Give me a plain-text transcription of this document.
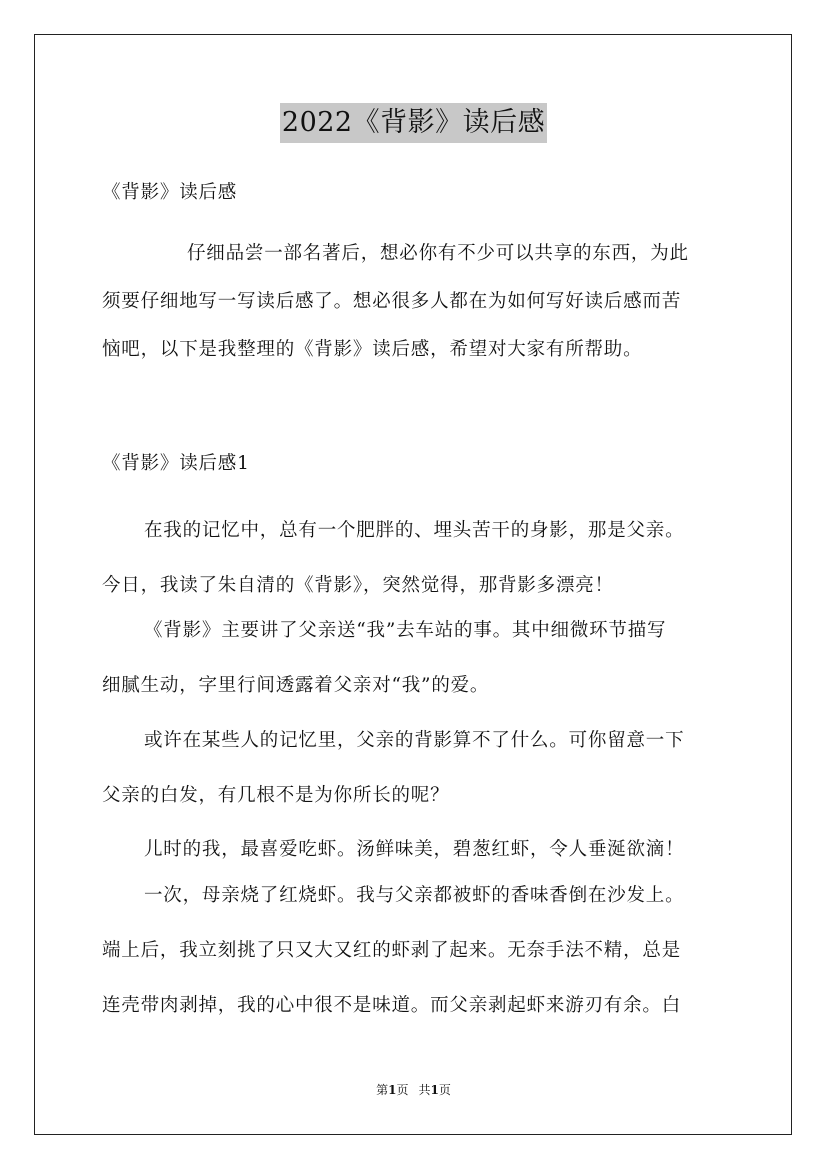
2022《背影》读后感

《背影》读后感

仔细品尝一部名著后，想必你有不少可以共享的东西，为此
须要仔细地写一写读后感了。想必很多人都在为如何写好读后感而苦
恼吧，以下是我整理的《背影》读后感，希望对大家有所帮助。

《背影》读后感1

在我的记忆中，总有一个肥胖的、埋头苦干的身影，那是父亲。
今日，我读了朱自清的《背影》，突然觉得，那背影多漂亮！

《背影》主要讲了父亲送“我”去车站的事。其中细微环节描写
细腻生动，字里行间透露着父亲对“我”的爱。

或许在某些人的记忆里，父亲的背影算不了什么。可你留意一下
父亲的白发，有几根不是为你所长的呢？

儿时的我，最喜爱吃虾。汤鲜味美，碧葱红虾，令人垂涎欲滴！

一次，母亲烧了红烧虾。我与父亲都被虾的香味香倒在沙发上。
端上后，我立刻挑了只又大又红的虾剥了起来。无奈手法不精，总是
连壳带肉剥掉，我的心中很不是味道。而父亲剥起虾来游刃有余。白

第1页 共1页
